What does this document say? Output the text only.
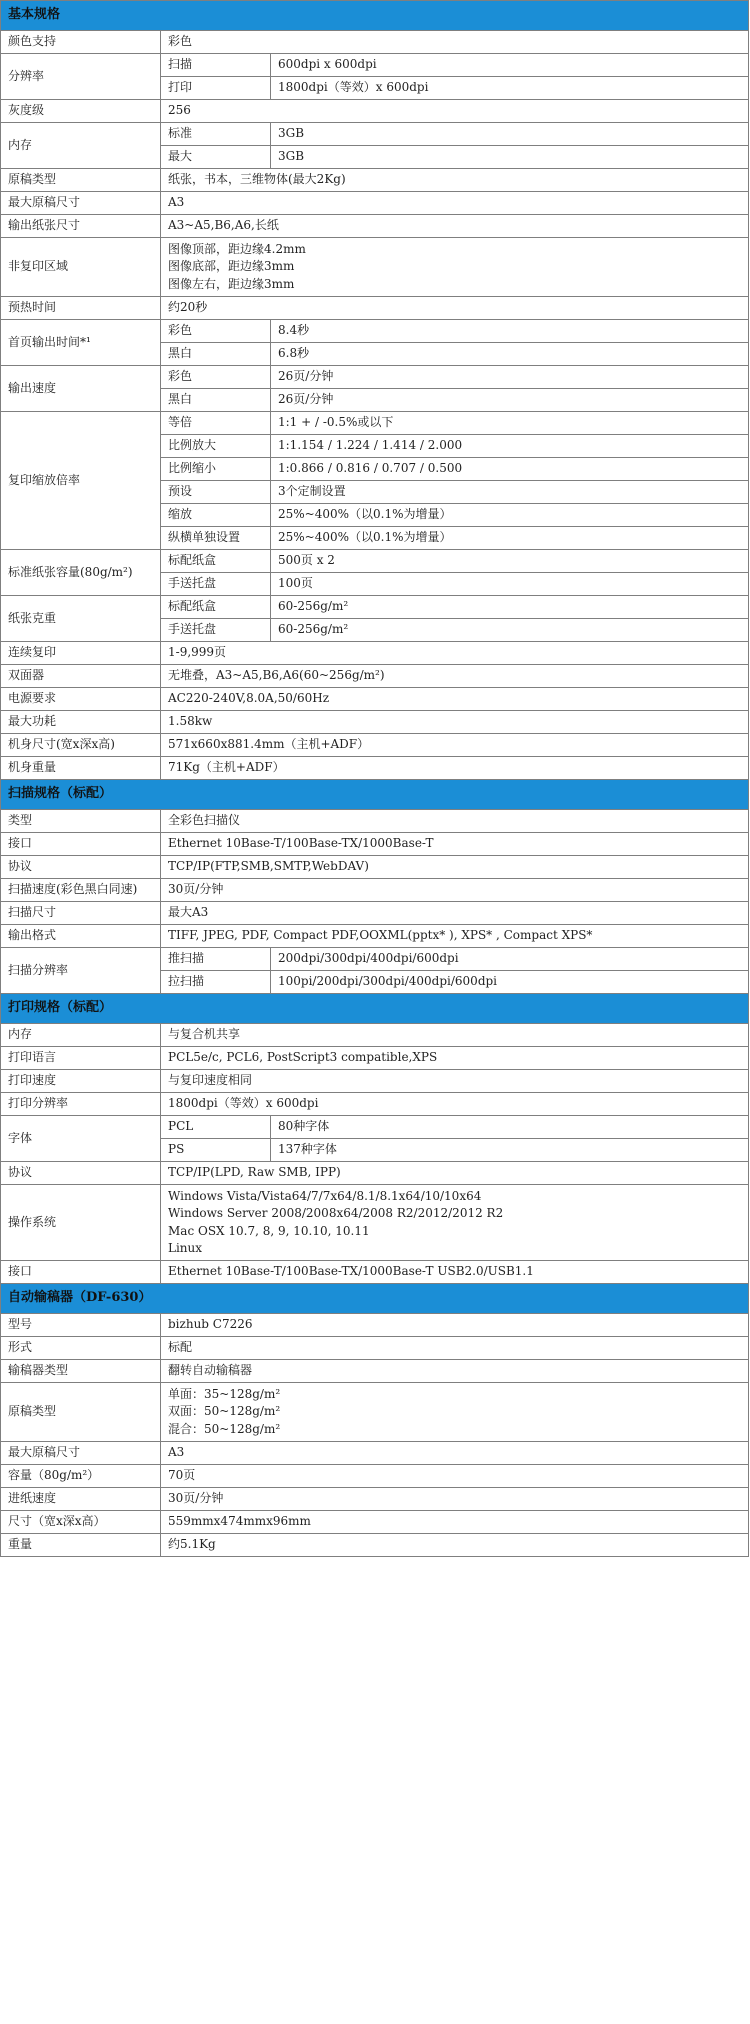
基本规格		
颜色支持	彩色	

分辨率	扫描	600dpi x 600dpi

	打印	1800dpi（等效）x 600dpi

灰度级	256	

内存	标准	3GB

	最大	3GB

原稿类型	纸张，书本，三维物体(最大2Kg)	

最大原稿尺寸	A3	

输出纸张尺寸	A3~A5,B6,A6,长纸	

非复印区域	图像顶部，距边缘4.2mm
图像底部，距边缘3mm
图像左右，距边缘3mm	

预热时间	约20秒	

首页输出时间*¹	彩色	8.4秒

	黑白	6.8秒

输出速度	彩色	26页/分钟

	黑白	26页/分钟

复印缩放倍率	等倍	1:1 + / -0.5%或以下

	比例放大	1:1.154 / 1.224 / 1.414 / 2.000

	比例缩小	1:0.866 / 0.816 / 0.707 / 0.500

	预设	3个定制设置

	缩放	25%~400%（以0.1%为增量）

	纵横单独设置	25%~400%（以0.1%为增量）

标准纸张容量(80g/m²)	标配纸盒	500页 x 2

	手送托盘	100页

纸张克重	标配纸盒	60-256g/m²

	手送托盘	60-256g/m²

连续复印	1-9,999页	

双面器	无堆叠，A3~A5,B6,A6(60~256g/m²)	

电源要求	AC220-240V,8.0A,50/60Hz	

最大功耗	1.58kw	

机身尺寸(宽x深x高)	571x660x881.4mm（主机+ADF）	

机身重量	71Kg（主机+ADF）	

扫描规格（标配）		
类型	全彩色扫描仪	

接口	Ethernet 10Base-T/100Base-TX/1000Base-T	

协议	TCP/IP(FTP,SMB,SMTP,WebDAV)	

扫描速度(彩色黑白同速)	30页/分钟	

扫描尺寸	最大A3	

输出格式	TIFF, JPEG, PDF, Compact PDF,OOXML(pptx* ), XPS* , Compact XPS*	

扫描分辨率	推扫描	200dpi/300dpi/400dpi/600dpi

	拉扫描	100pi/200dpi/300dpi/400dpi/600dpi

打印规格（标配）		
内存	与复合机共享	

打印语言	PCL5e/c, PCL6, PostScript3 compatible,XPS	

打印速度	与复印速度相同	

打印分辨率	1800dpi（等效）x 600dpi	

字体	PCL	80种字体

	PS	137种字体

协议	TCP/IP(LPD, Raw SMB, IPP)	

操作系统	Windows Vista/Vista64/7/7x64/8.1/8.1x64/10/10x64
Windows Server 2008/2008x64/2008 R2/2012/2012 R2
Mac OSX 10.7, 8, 9, 10.10, 10.11
Linux	

接口	Ethernet 10Base-T/100Base-TX/1000Base-T USB2.0/USB1.1	

自动输稿器（DF-630）		
型号	bizhub C7226	

形式	标配	

输稿器类型	翻转自动输稿器	

原稿类型	单面：35~128g/m²
双面：50~128g/m²
混合：50~128g/m²	

最大原稿尺寸	A3	

容量（80g/m²）	70页	

进纸速度	30页/分钟	

尺寸（宽x深x高）	559mmx474mmx96mm	

重量	约5.1Kg	
